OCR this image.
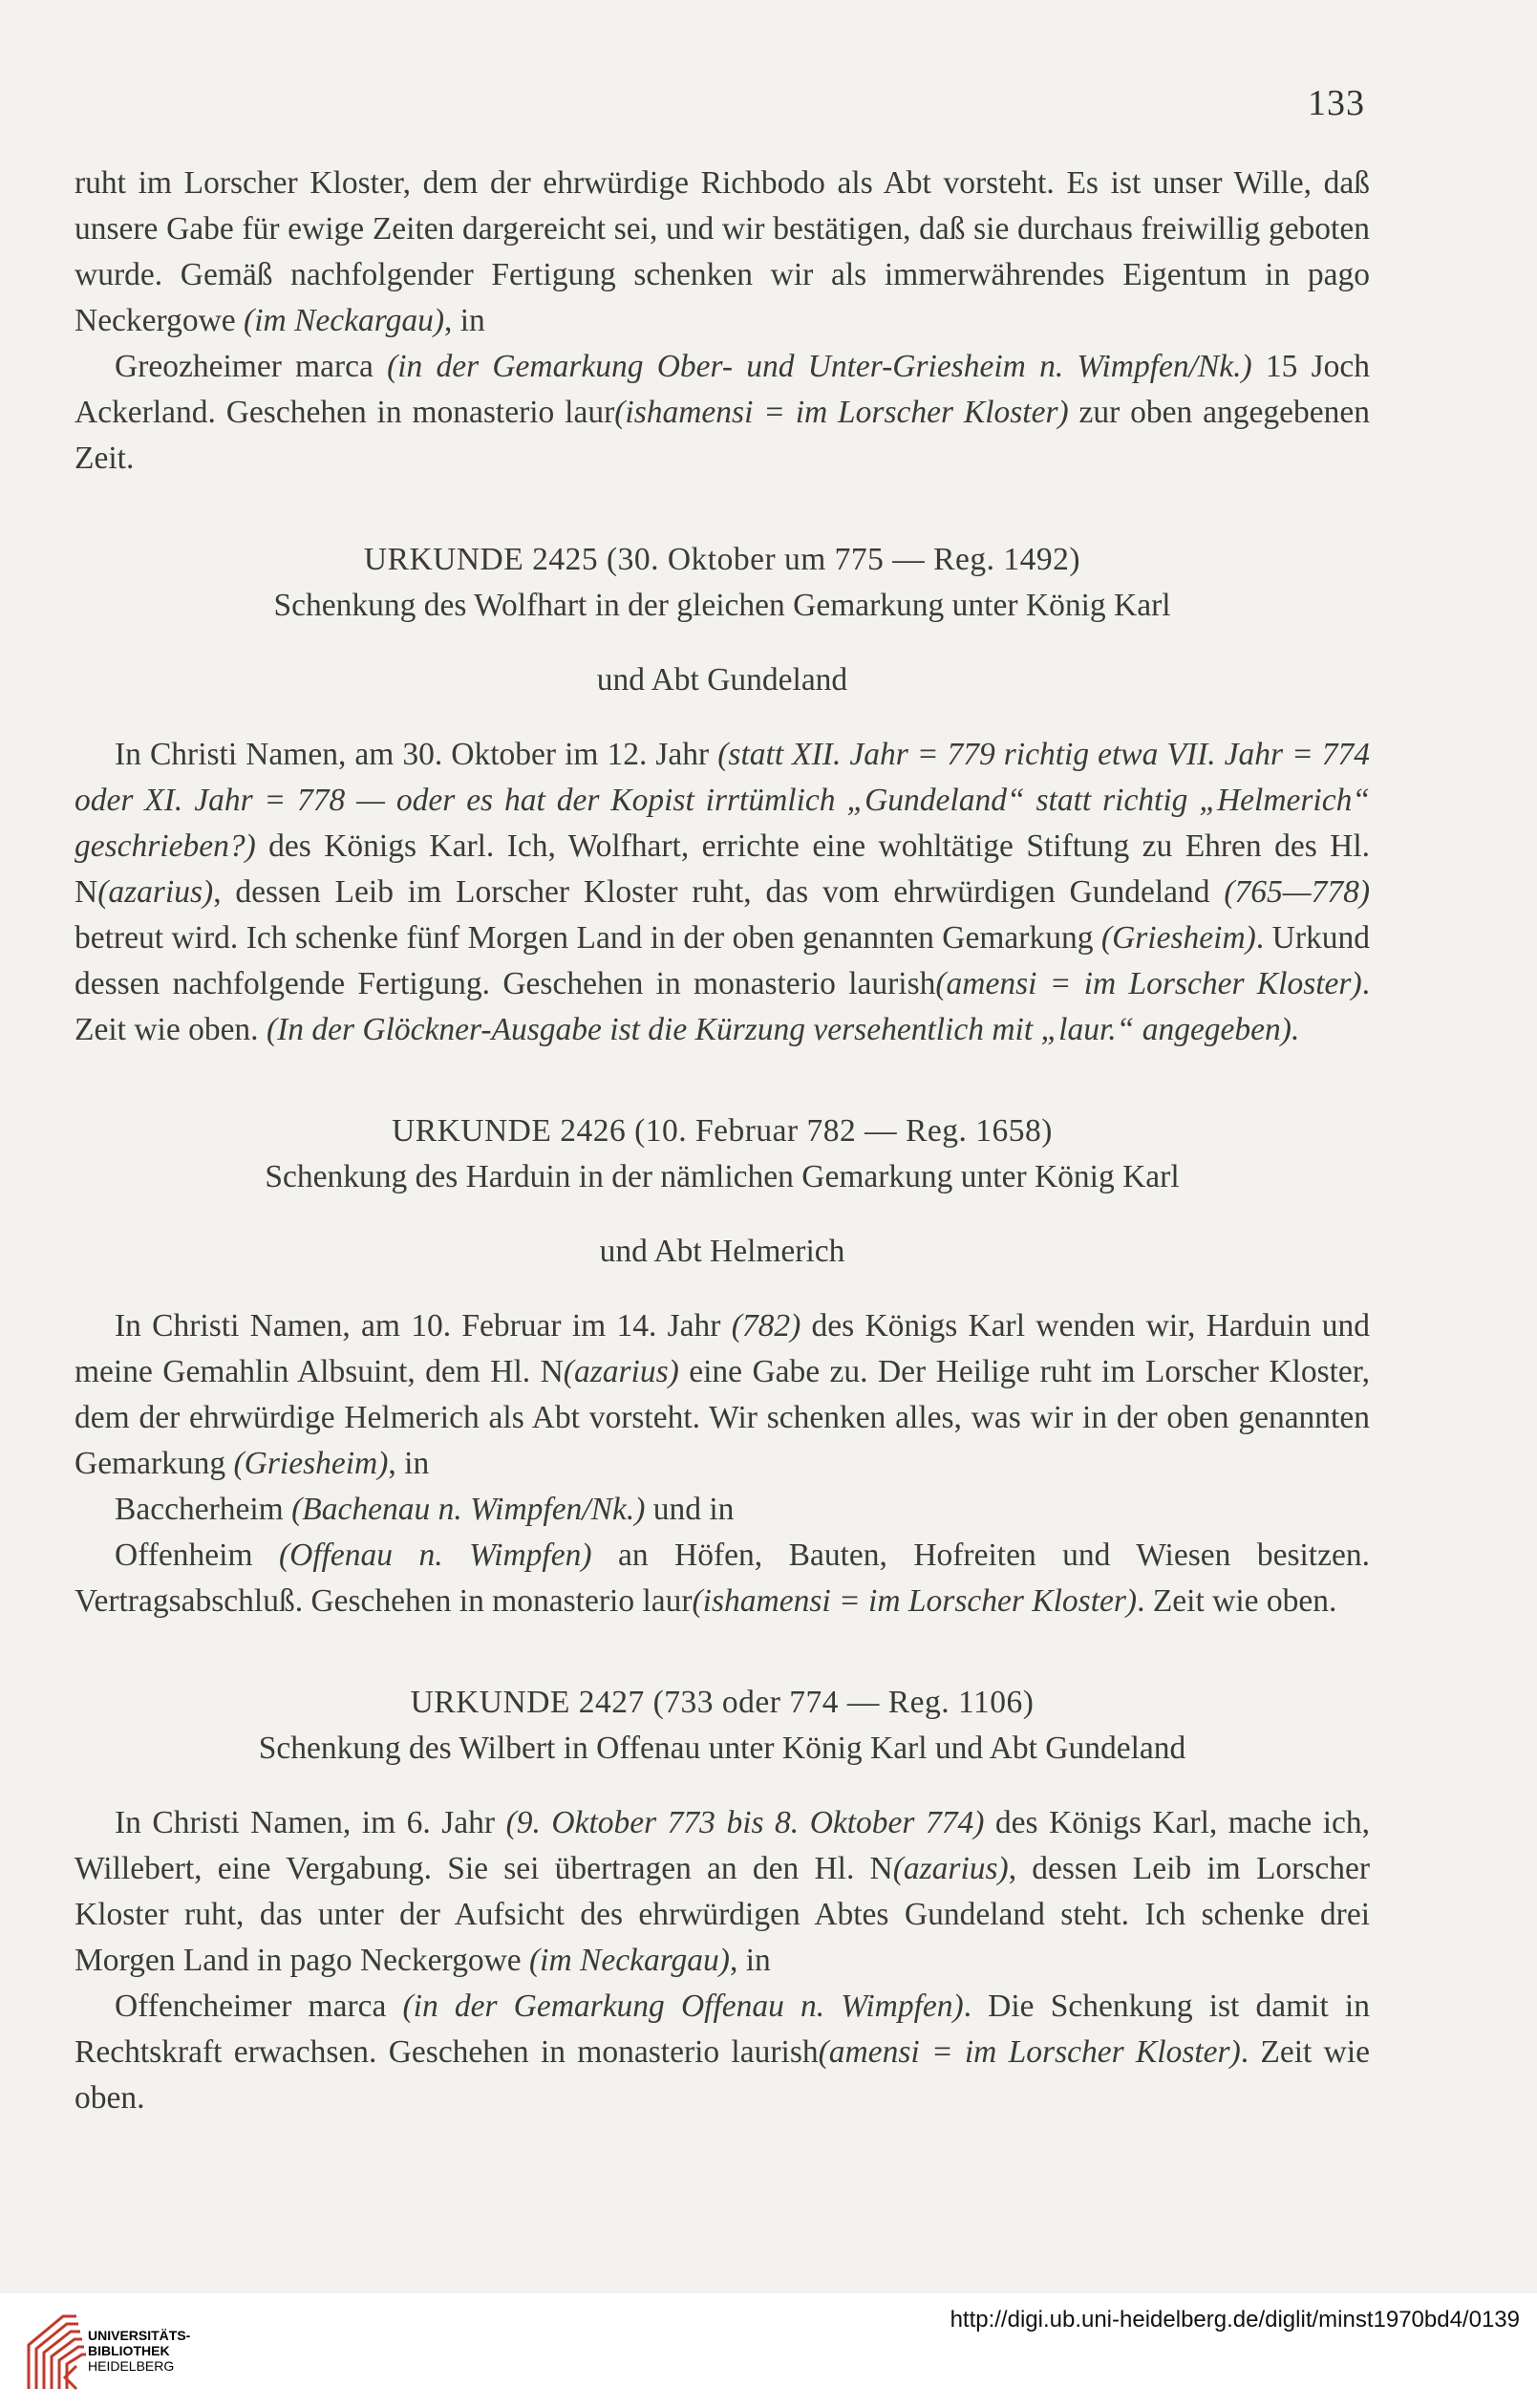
133

ruht im Lorscher Kloster, dem der ehrwürdige Richbodo als Abt vorsteht. Es ist unser Wille, daß unsere Gabe für ewige Zeiten dargereicht sei, und wir bestätigen, daß sie durchaus freiwillig geboten wurde. Gemäß nachfolgender Fertigung schenken wir als immerwährendes Eigentum in pago Neckergowe (im Neckargau), in

Greozheimer marca (in der Gemarkung Ober- und Unter-Griesheim n. Wimpfen/Nk.) 15 Joch Ackerland. Geschehen in monasterio laur(ishamensi = im Lorscher Kloster) zur oben angegebenen Zeit.

URKUNDE 2425 (30. Oktober um 775 — Reg. 1492)

Schenkung des Wolfhart in der gleichen Gemarkung unter König Karl

und Abt Gundeland

In Christi Namen, am 30. Oktober im 12. Jahr (statt XII. Jahr = 779 richtig etwa VII. Jahr = 774 oder XI. Jahr = 778 — oder es hat der Kopist irrtümlich „Gundeland“ statt richtig „Helmerich“ geschrieben?) des Königs Karl. Ich, Wolfhart, errichte eine wohltätige Stiftung zu Ehren des Hl. N(azarius), dessen Leib im Lorscher Kloster ruht, das vom ehrwürdigen Gundeland (765—778) betreut wird. Ich schenke fünf Morgen Land in der oben genannten Gemarkung (Griesheim). Urkund dessen nachfolgende Fertigung. Geschehen in monasterio laurish(amensi = im Lorscher Kloster). Zeit wie oben. (In der Glöckner-Ausgabe ist die Kürzung versehentlich mit „laur.“ angegeben).

URKUNDE 2426 (10. Februar 782 — Reg. 1658)

Schenkung des Harduin in der nämlichen Gemarkung unter König Karl

und Abt Helmerich

In Christi Namen, am 10. Februar im 14. Jahr (782) des Königs Karl wenden wir, Harduin und meine Gemahlin Albsuint, dem Hl. N(azarius) eine Gabe zu. Der Heilige ruht im Lorscher Kloster, dem der ehrwürdige Helmerich als Abt vorsteht. Wir schenken alles, was wir in der oben genannten Gemarkung (Griesheim), in

Baccherheim (Bachenau n. Wimpfen/Nk.) und in

Offenheim (Offenau n. Wimpfen) an Höfen, Bauten, Hofreiten und Wiesen besitzen. Vertragsabschluß. Geschehen in monasterio laur(ishamensi = im Lorscher Kloster). Zeit wie oben.

URKUNDE 2427 (733 oder 774 — Reg. 1106)

Schenkung des Wilbert in Offenau unter König Karl und Abt Gundeland

In Christi Namen, im 6. Jahr (9. Oktober 773 bis 8. Oktober 774) des Königs Karl, mache ich, Willebert, eine Vergabung. Sie sei übertragen an den Hl. N(azarius), dessen Leib im Lorscher Kloster ruht, das unter der Aufsicht des ehrwürdigen Abtes Gundeland steht. Ich schenke drei Morgen Land in pago Neckergowe (im Neckargau), in

Offencheimer marca (in der Gemarkung Offenau n. Wimpfen). Die Schenkung ist damit in Rechtskraft erwachsen. Geschehen in monasterio laurish(amensi = im Lorscher Kloster). Zeit wie oben.

UNIVERSITÄTS-
BIBLIOTHEK
HEIDELBERG
http://digi.ub.uni-heidelberg.de/diglit/minst1970bd4/0139
